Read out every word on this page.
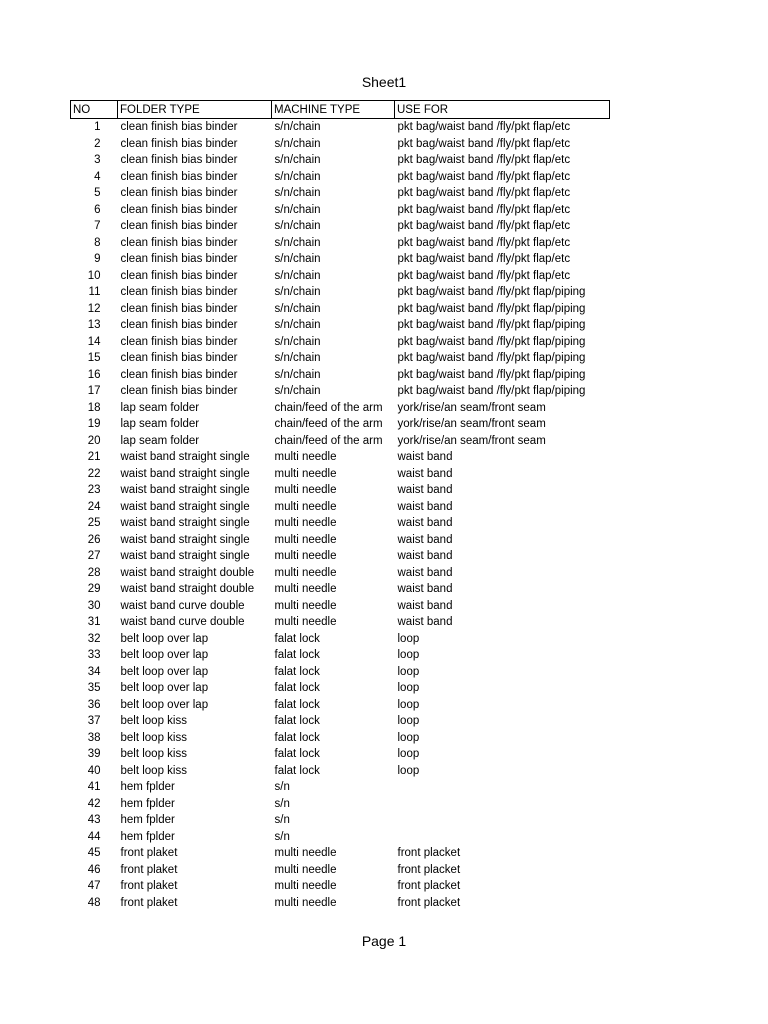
Sheet1
NO	FOLDER TYPE	MACHINE TYPE	USE FOR
1	clean finish bias binder	s/n/chain	pkt bag/waist band /fly/pkt flap/etc
2	clean finish bias binder	s/n/chain	pkt bag/waist band /fly/pkt flap/etc
3	clean finish bias binder	s/n/chain	pkt bag/waist band /fly/pkt flap/etc
4	clean finish bias binder	s/n/chain	pkt bag/waist band /fly/pkt flap/etc
5	clean finish bias binder	s/n/chain	pkt bag/waist band /fly/pkt flap/etc
6	clean finish bias binder	s/n/chain	pkt bag/waist band /fly/pkt flap/etc
7	clean finish bias binder	s/n/chain	pkt bag/waist band /fly/pkt flap/etc
8	clean finish bias binder	s/n/chain	pkt bag/waist band /fly/pkt flap/etc
9	clean finish bias binder	s/n/chain	pkt bag/waist band /fly/pkt flap/etc
10	clean finish bias binder	s/n/chain	pkt bag/waist band /fly/pkt flap/etc
11	clean finish bias binder	s/n/chain	pkt bag/waist band /fly/pkt flap/piping
12	clean finish bias binder	s/n/chain	pkt bag/waist band /fly/pkt flap/piping
13	clean finish bias binder	s/n/chain	pkt bag/waist band /fly/pkt flap/piping
14	clean finish bias binder	s/n/chain	pkt bag/waist band /fly/pkt flap/piping
15	clean finish bias binder	s/n/chain	pkt bag/waist band /fly/pkt flap/piping
16	clean finish bias binder	s/n/chain	pkt bag/waist band /fly/pkt flap/piping
17	clean finish bias binder	s/n/chain	pkt bag/waist band /fly/pkt flap/piping
18	lap seam folder	chain/feed of the arm	york/rise/an seam/front seam
19	lap seam folder	chain/feed of the arm	york/rise/an seam/front seam
20	lap seam folder	chain/feed of the arm	york/rise/an seam/front seam
21	waist band straight single	multi needle	waist band
22	waist band straight single	multi needle	waist band
23	waist band straight single	multi needle	waist band
24	waist band straight single	multi needle	waist band
25	waist band straight single	multi needle	waist band
26	waist band straight single	multi needle	waist band
27	waist band straight single	multi needle	waist band
28	waist band straight double	multi needle	waist band
29	waist band straight double	multi needle	waist band
30	waist band curve double	multi needle	waist band
31	waist band curve double	multi needle	waist band
32	belt loop over lap	falat lock	loop
33	belt loop over lap	falat lock	loop
34	belt loop over lap	falat lock	loop
35	belt loop over lap	falat lock	loop
36	belt loop over lap	falat lock	loop
37	belt loop kiss	falat lock	loop
38	belt loop kiss	falat lock	loop
39	belt loop kiss	falat lock	loop
40	belt loop kiss	falat lock	loop
41	hem fplder	s/n	
42	hem fplder	s/n	
43	hem fplder	s/n	
44	hem fplder	s/n	
45	front plaket	multi needle	front placket
46	front plaket	multi needle	front placket
47	front plaket	multi needle	front placket
48	front plaket	multi needle	front placket
Page 1
